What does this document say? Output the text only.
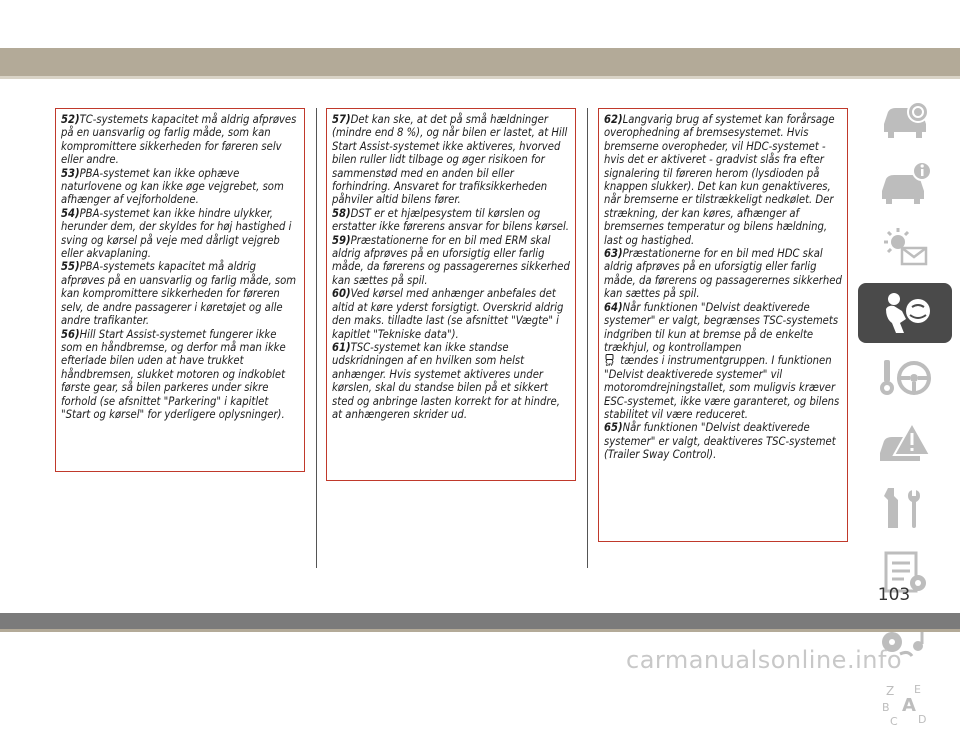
52)TC-systemets kapacitet må aldrig afprøves på en uansvarlig og farlig måde, som kan kompromittere sikkerheden for føreren selv eller andre.

53)PBA-systemet kan ikke ophæve naturlovene og kan ikke øge vejgrebet, som afhænger af vejforholdene.

54)PBA-systemet kan ikke hindre ulykker, herunder dem, der skyldes for høj hastighed i sving og kørsel på veje med dårligt vejgreb eller akvaplaning.

55)PBA-systemets kapacitet må aldrig afprøves på en uansvarlig og farlig måde, som kan kompromittere sikkerheden for føreren selv, de andre passagerer i køretøjet og alle andre trafikanter.

56)Hill Start Assist-systemet fungerer ikke som en håndbremse, og derfor må man ikke efterlade bilen uden at have trukket håndbremsen, slukket motoren og indkoblet første gear, så bilen parkeres under sikre forhold (se afsnittet "Parkering" i kapitlet "Start og kørsel" for yderligere oplysninger).

57)Det kan ske, at det på små hældninger (mindre end 8 %), og når bilen er lastet, at Hill Start Assist-systemet ikke aktiveres, hvorved bilen ruller lidt tilbage og øger risikoen for sammenstød med en anden bil eller forhindring. Ansvaret for trafiksikkerheden påhviler altid bilens fører.

58)DST er et hjælpesystem til kørslen og erstatter ikke førerens ansvar for bilens kørsel.

59)Præstationerne for en bil med ERM skal aldrig afprøves på en uforsigtig eller farlig måde, da førerens og passagerernes sikkerhed kan sættes på spil.

60)Ved kørsel med anhænger anbefales det altid at køre yderst forsigtigt. Overskrid aldrig den maks. tilladte last (se afsnittet "Vægte" i kapitlet "Tekniske data").

61)TSC-systemet kan ikke standse udskridningen af en hvilken som helst anhænger. Hvis systemet aktiveres under kørslen, skal du standse bilen på et sikkert sted og anbringe lasten korrekt for at hindre, at anhængeren skrider ud.

62)Langvarig brug af systemet kan forårsage overophedning af bremsesystemet. Hvis bremserne overopheder, vil HDC-systemet - hvis det er aktiveret - gradvist slås fra efter signalering til føreren herom (lysdioden på knappen slukker). Det kan kun genaktiveres, når bremserne er tilstrækkeligt nedkølet. Der strækning, der kan køres, afhænger af bremsernes temperatur og bilens hældning, last og hastighed.

63)Præstationerne for en bil med HDC skal aldrig afprøves på en uforsigtig eller farlig måde, da førerens og passagerernes sikkerhed kan sættes på spil.

64)Når funktionen "Delvist deaktiverede systemer" er valgt, begrænses TSC-systemets indgriben til kun at bremse på de enkelte trækhjul, og kontrollampen

OFF tændes i instrumentgruppen. I funktionen "Delvist deaktiverede systemer" vil motoromdrejningstallet, som muligvis kræver ESC-systemet, ikke være garanteret, og bilens stabilitet vil være reduceret.

65)Når funktionen "Delvist deaktiverede systemer" er valgt, deaktiveres TSC-systemet (Trailer Sway Control).

Z E
B A
C D
103
carmanualsonline.info
